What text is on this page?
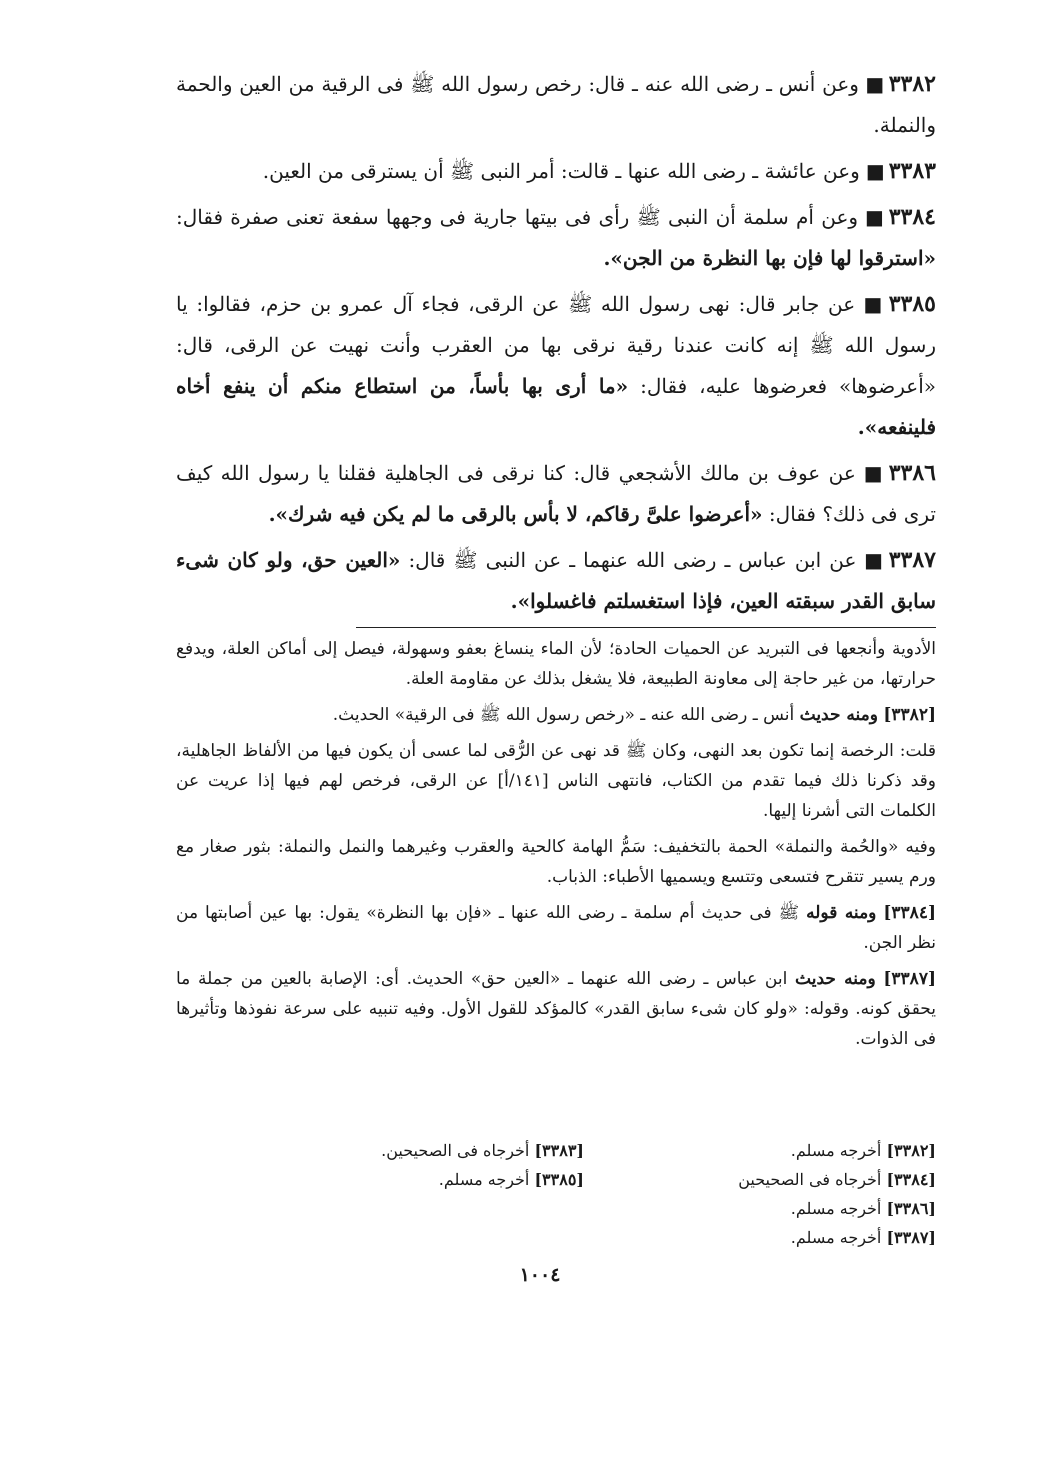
٣٣٨٢■وعن أنس ـ رضى الله عنه ـ قال: رخص رسول الله ﷺ فى الرقية من العين والحمة والنملة.

٣٣٨٣■وعن عائشة ـ رضى الله عنها ـ قالت: أمر النبى ﷺ أن يسترقى من العين.

٣٣٨٤■وعن أم سلمة أن النبى ﷺ رأى فى بيتها جارية فى وجهها سفعة تعنى صفرة فقال: «استرقوا لها فإن بها النظرة من الجن».

٣٣٨٥■عن جابر قال: نهى رسول الله ﷺ عن الرقى، فجاء آل عمرو بن حزم، فقالوا: يا رسول الله ﷺ إنه كانت عندنا رقية نرقى بها من العقرب وأنت نهيت عن الرقى، قال: «أعرضوها» فعرضوها عليه، فقال: «ما أرى بها بأساً، من استطاع منكم أن ينفع أخاه فلينفعه».

٣٣٨٦■عن عوف بن مالك الأشجعي قال: كنا نرقى فى الجاهلية فقلنا يا رسول الله كيف ترى فى ذلك؟ فقال: «أعرضوا علىَّ رقاكم، لا بأس بالرقى ما لم يكن فيه شرك».

٣٣٨٧■عن ابن عباس ـ رضى الله عنهما ـ عن النبى ﷺ قال: «العين حق، ولو كان شىء سابق القدر سبقته العين، فإذا استغسلتم فاغسلوا».

الأدوية وأنجعها فى التبريد عن الحميات الحادة؛ لأن الماء ينساغ بعفو وسهولة، فيصل إلى أماكن العلة، ويدفع حرارتها، من غير حاجة إلى معاونة الطبيعة، فلا يشغل بذلك عن مقاومة العلة.

[٣٣٨٢] ومنه حديث أنس ـ رضى الله عنه ـ «رخص رسول الله ﷺ فى الرقية» الحديث.

قلت: الرخصة إنما تكون بعد النهى، وكان ﷺ قد نهى عن الرُّقى لما عسى أن يكون فيها من الألفاظ الجاهلية، وقد ذكرنا ذلك فيما تقدم من الكتاب، فانتهى الناس [١٤١/أ] عن الرقى، فرخص لهم فيها إذا عريت عن الكلمات التى أشرنا إليها.

وفيه «والحُمة والنملة» الحمة بالتخفيف: سَمُّ الهامة كالحية والعقرب وغيرهما والنمل والنملة: بثور صغار مع ورم يسير تتقرح فتسعى وتتسع ويسميها الأطباء: الذباب.

[٣٣٨٤] ومنه قوله ﷺ فى حديث أم سلمة ـ رضى الله عنها ـ «فإن بها النظرة» يقول: بها عين أصابتها من نظر الجن.

[٣٣٨٧] ومنه حديث ابن عباس ـ رضى الله عنهما ـ «العين حق» الحديث. أى: الإصابة بالعين من جملة ما يحقق كونه. وقوله: «ولو كان شىء سابق القدر» كالمؤكد للقول الأول. وفيه تنبيه على سرعة نفوذها وتأثيرها فى الذوات.

[٣٣٨٢] أخرجه مسلم.
[٣٣٨٤] أخرجاه فى الصحيحين
[٣٣٨٦] أخرجه مسلم.
[٣٣٨٧] أخرجه مسلم.
[٣٣٨٣] أخرجاه فى الصحيحين.
[٣٣٨٥] أخرجه مسلم.
١٠٠٤
